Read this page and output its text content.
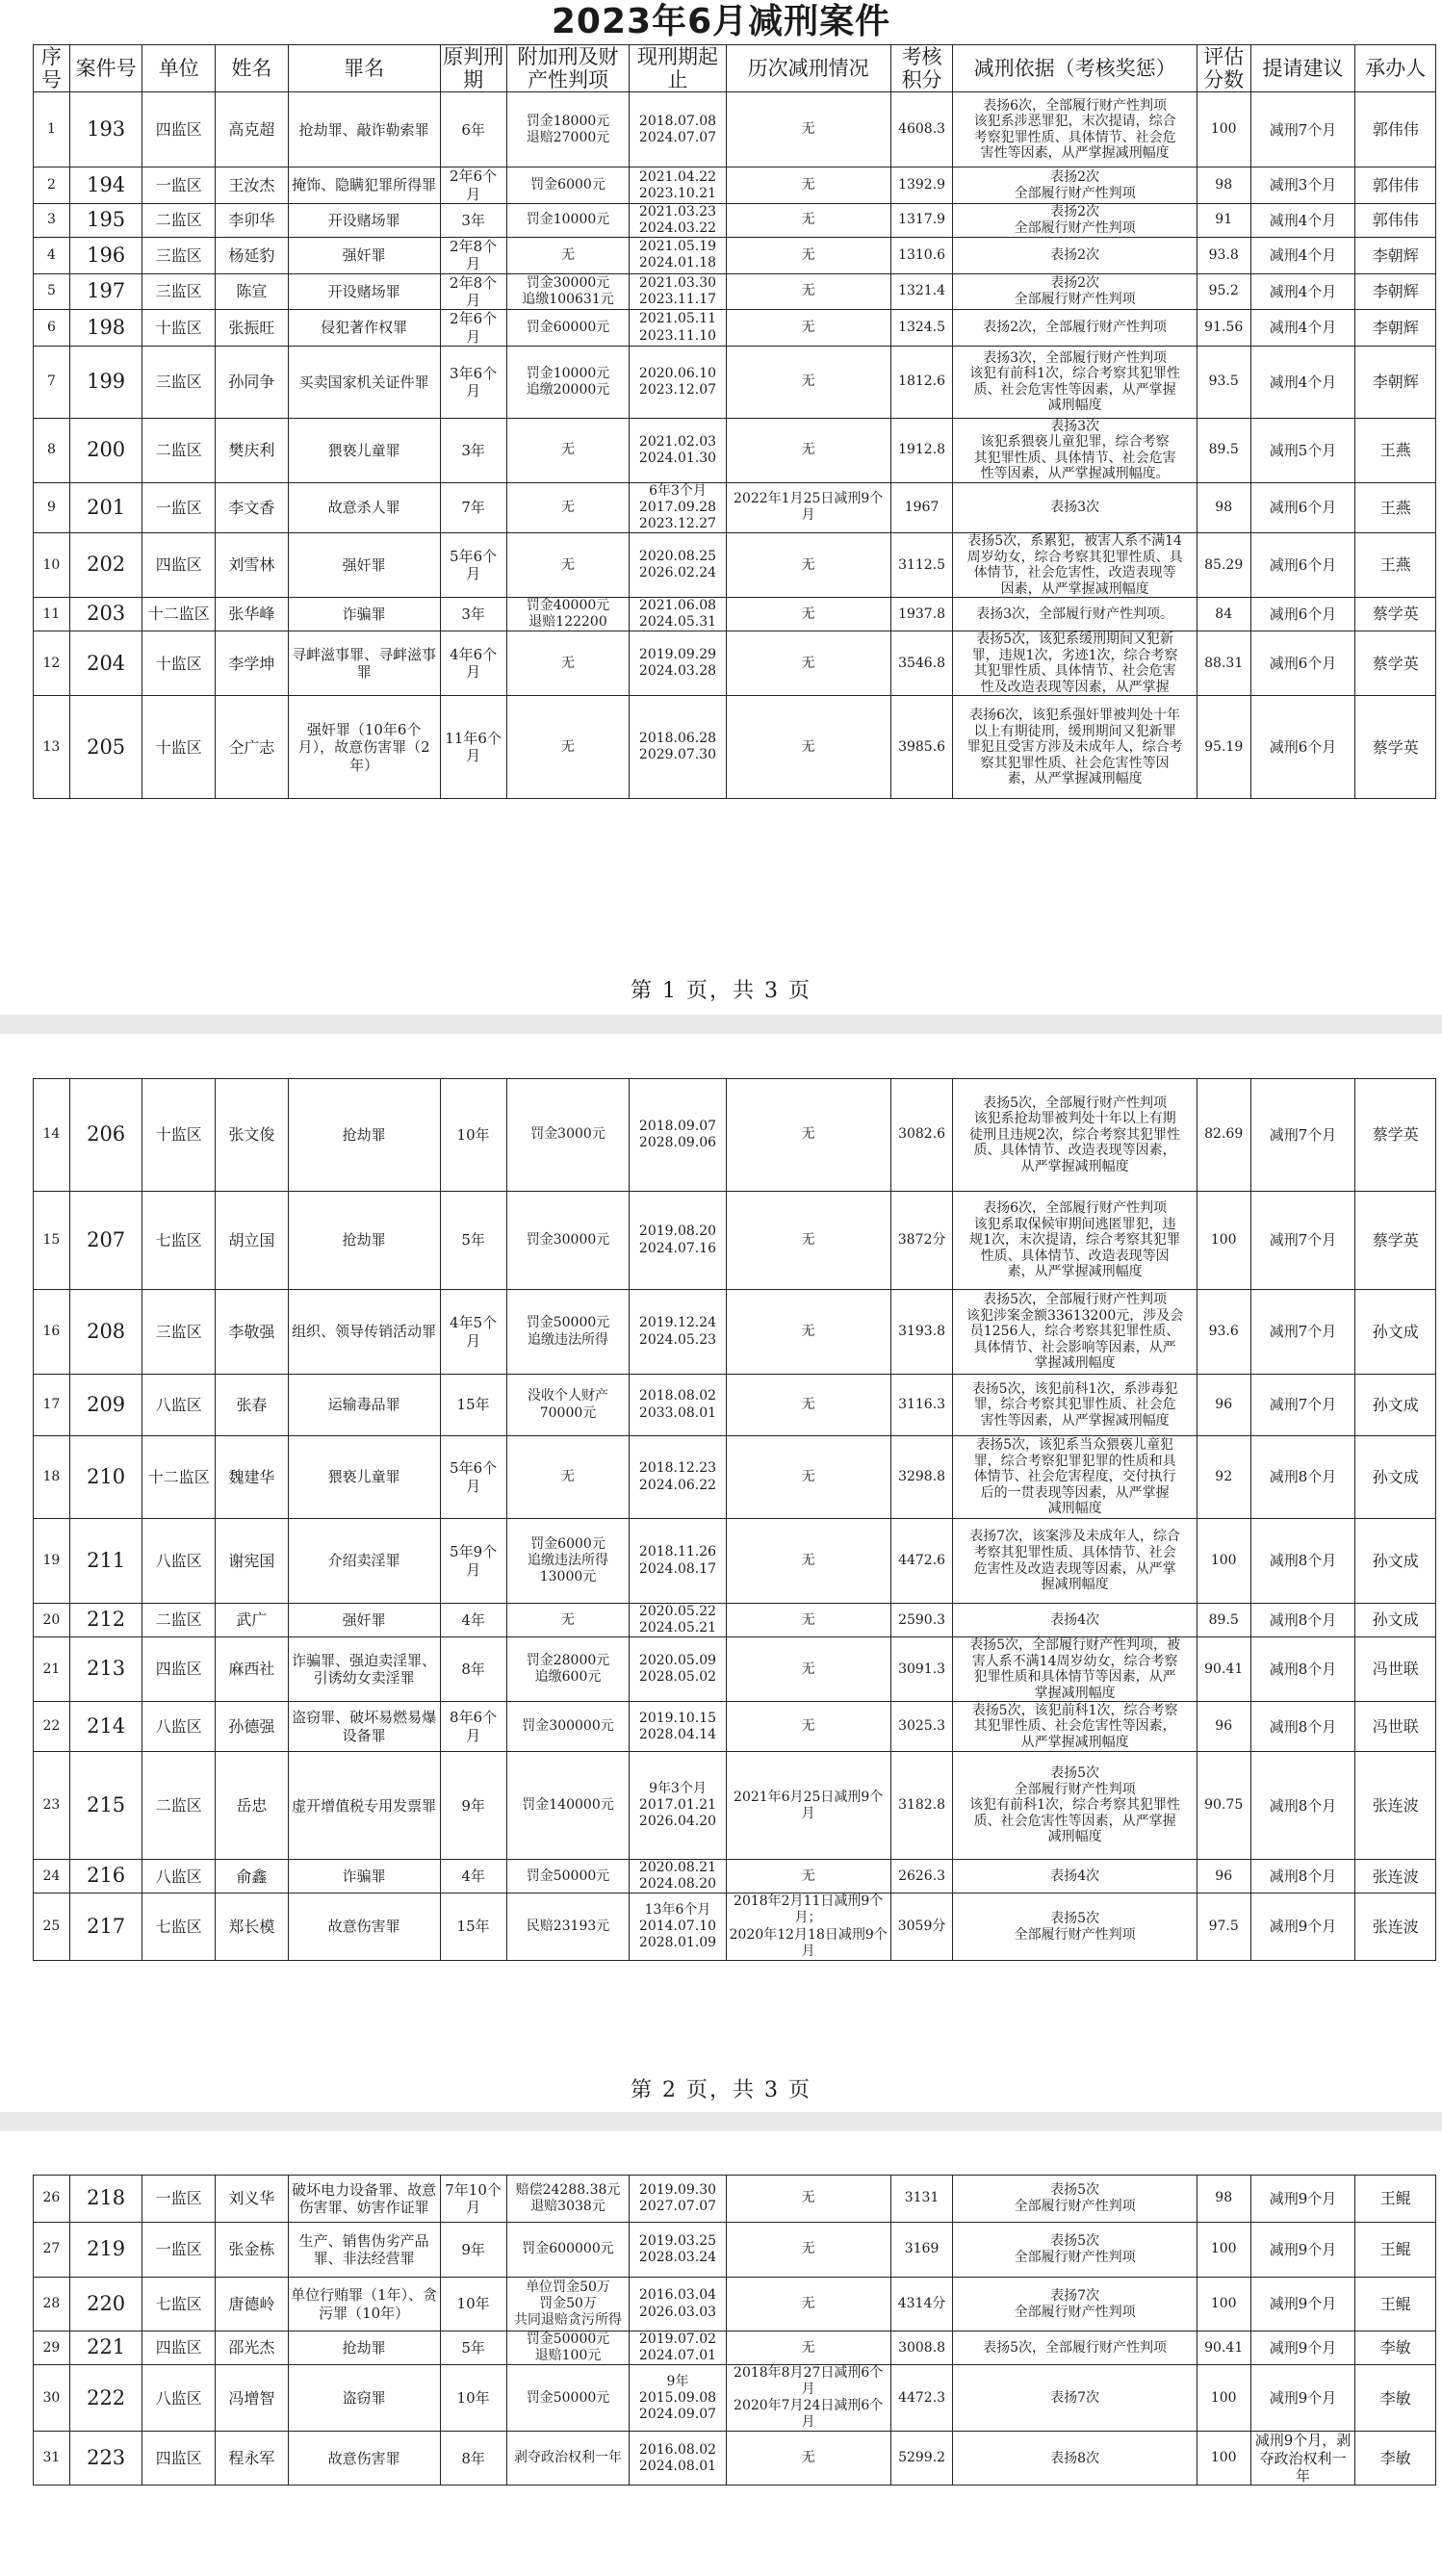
2023年6月减刑案件
序号	案件号	单位	姓名	罪名	原判刑期	附加刑及财产性判项	现刑期起止	历次减刑情况	考核积分	减刑依据（考核奖惩）	评估分数	提请建议	承办人
1	193	四监区	高克超	抢劫罪、敲诈勒索罪	6年	罚金18000元
退赔27000元	2018.07.08
2024.07.07	无	4608.3	表扬6次，全部履行财产性判项
该犯系涉恶罪犯，末次提请，综合
考察犯罪性质、具体情节、社会危
害性等因素，从严掌握减刑幅度	100	减刑7个月	郭伟伟
2	194	一监区	王汝杰	掩饰、隐瞒犯罪所得罪	2年6个月	罚金6000元	2021.04.22
2023.10.21	无	1392.9	表扬2次
全部履行财产性判项	98	减刑3个月	郭伟伟
3	195	二监区	李卯华	开设赌场罪	3年	罚金10000元	2021.03.23
2024.03.22	无	1317.9	表扬2次
全部履行财产性判项	91	减刑4个月	郭伟伟
4	196	三监区	杨延豹	强奸罪	2年8个月	无	2021.05.19
2024.01.18	无	1310.6	表扬2次	93.8	减刑4个月	李朝辉
5	197	三监区	陈宣	开设赌场罪	2年8个月	罚金30000元
追缴100631元	2021.03.30
2023.11.17	无	1321.4	表扬2次
全部履行财产性判项	95.2	减刑4个月	李朝辉
6	198	十监区	张振旺	侵犯著作权罪	2年6个月	罚金60000元	2021.05.11
2023.11.10	无	1324.5	表扬2次，全部履行财产性判项	91.56	减刑4个月	李朝辉
7	199	三监区	孙同争	买卖国家机关证件罪	3年6个月	罚金10000元
追缴20000元	2020.06.10
2023.12.07	无	1812.6	表扬3次，全部履行财产性判项
该犯有前科1次，综合考察其犯罪性
质、社会危害性等因素，从严掌握
减刑幅度	93.5	减刑4个月	李朝辉
8	200	二监区	樊庆利	猥亵儿童罪	3年	无	2021.02.03
2024.01.30	无	1912.8	表扬3次
该犯系猥亵儿童犯罪，综合考察
其犯罪性质、具体情节、社会危害
性等因素，从严掌握减刑幅度。	89.5	减刑5个月	王燕
9	201	一监区	李文香	故意杀人罪	7年	无	6年3个月
2017.09.28
2023.12.27	2022年1月25日减刑9个月	1967	表扬3次	98	减刑6个月	王燕
10	202	四监区	刘雪林	强奸罪	5年6个月	无	2020.08.25
2026.02.24	无	3112.5	表扬5次，系累犯，被害人系不满14
周岁幼女，综合考察其犯罪性质、具
体情节，社会危害性，改造表现等
因素，从严掌握减刑幅度	85.29	减刑6个月	王燕
11	203	十二监区	张华峰	诈骗罪	3年	罚金40000元
退赔122200	2021.06.08
2024.05.31	无	1937.8	表扬3次，全部履行财产性判项。	84	减刑6个月	蔡学英
12	204	十监区	李学坤	寻衅滋事罪、寻衅滋事罪	4年6个月	无	2019.09.29
2024.03.28	无	3546.8	表扬5次，该犯系缓刑期间又犯新
罪，违规1次，劣迹1次，综合考察
其犯罪性质、具体情节、社会危害
性及改造表现等因素，从严掌握	88.31	减刑6个月	蔡学英
13	205	十监区	仝广志	强奸罪（10年6个月），故意伤害罪（2年）	11年6个月	无	2018.06.28
2029.07.30	无	3985.6	表扬6次，该犯系强奸罪被判处十年
以上有期徒刑，缓刑期间又犯新罪
罪犯且受害方涉及未成年人，综合考
察其犯罪性质、社会危害性等因
素，从严掌握减刑幅度	95.19	减刑6个月	蔡学英
第 1 页，共 3 页
14	206	十监区	张文俊	抢劫罪	10年	罚金3000元	2018.09.07
2028.09.06	无	3082.6	表扬5次，全部履行财产性判项
该犯系抢劫罪被判处十年以上有期
徒刑且违规2次，综合考察其犯罪性
质、具体情节、改造表现等因素，
从严掌握减刑幅度	82.69	减刑7个月	蔡学英
15	207	七监区	胡立国	抢劫罪	5年	罚金30000元	2019.08.20
2024.07.16	无	3872分	表扬6次，全部履行财产性判项
该犯系取保候审期间逃匿罪犯，违
规1次，末次提请，综合考察其犯罪
性质、具体情节、改造表现等因
素，从严掌握减刑幅度	100	减刑7个月	蔡学英
16	208	三监区	李敬强	组织、领导传销活动罪	4年5个月	罚金50000元
追缴违法所得	2019.12.24
2024.05.23	无	3193.8	表扬5次，全部履行财产性判项
该犯涉案金额33613200元，涉及会
员1256人，综合考察其犯罪性质、
具体情节、社会影响等因素，从严
掌握减刑幅度	93.6	减刑7个月	孙文成
17	209	八监区	张春	运输毒品罪	15年	没收个人财产
70000元	2018.08.02
2033.08.01	无	3116.3	表扬5次，该犯前科1次，系涉毒犯
罪，综合考察其犯罪性质、社会危
害性等因素，从严掌握减刑幅度	96	减刑7个月	孙文成
18	210	十二监区	魏建华	猥亵儿童罪	5年6个月	无	2018.12.23
2024.06.22	无	3298.8	表扬5次，该犯系当众猥亵儿童犯
罪，综合考察犯罪犯罪的性质和具
体情节、社会危害程度，交付执行
后的一贯表现等因素，从严掌握
减刑幅度	92	减刑8个月	孙文成
19	211	八监区	谢宪国	介绍卖淫罪	5年9个月	罚金6000元
追缴违法所得
13000元	2018.11.26
2024.08.17	无	4472.6	表扬7次，该案涉及未成年人，综合
考察其犯罪性质、具体情节、社会
危害性及改造表现等因素，从严掌
握减刑幅度	100	减刑8个月	孙文成
20	212	二监区	武广	强奸罪	4年	无	2020.05.22
2024.05.21	无	2590.3	表扬4次	89.5	减刑8个月	孙文成
21	213	四监区	麻西社	诈骗罪、强迫卖淫罪、引诱幼女卖淫罪	8年	罚金28000元
追缴600元	2020.05.09
2028.05.02	无	3091.3	表扬5次，全部履行财产性判项，被
害人系不满14周岁幼女，综合考察
犯罪性质和具体情节等因素，从严
掌握减刑幅度	90.41	减刑8个月	冯世联
22	214	八监区	孙德强	盗窃罪、破坏易燃易爆设备罪	8年6个月	罚金300000元	2019.10.15
2028.04.14	无	3025.3	表扬5次，该犯前科1次，综合考察
其犯罪性质、社会危害性等因素，
从严掌握减刑幅度	96	减刑8个月	冯世联
23	215	二监区	岳忠	虚开增值税专用发票罪	9年	罚金140000元	9年3个月
2017.01.21
2026.04.20	2021年6月25日减刑9个月	3182.8	表扬5次
全部履行财产性判项
该犯有前科1次，综合考察其犯罪性
质、社会危害性等因素，从严掌握
减刑幅度	90.75	减刑8个月	张连波
24	216	八监区	俞鑫	诈骗罪	4年	罚金50000元	2020.08.21
2024.08.20	无	2626.3	表扬4次	96	减刑8个月	张连波
25	217	七监区	郑长模	故意伤害罪	15年	民赔23193元	13年6个月
2014.07.10
2028.01.09	2018年2月11日减刑9个月；
2020年12月18日减刑9个月	3059分	表扬5次
全部履行财产性判项	97.5	减刑9个月	张连波
第 2 页，共 3 页
26	218	一监区	刘义华	破坏电力设备罪、故意伤害罪、妨害作证罪	7年10个月	赔偿24288.38元
退赔3038元	2019.09.30
2027.07.07	无	3131	表扬5次
全部履行财产性判项	98	减刑9个月	王鲲
27	219	一监区	张金栋	生产、销售伪劣产品罪、非法经营罪	9年	罚金600000元	2019.03.25
2028.03.24	无	3169	表扬5次
全部履行财产性判项	100	减刑9个月	王鲲
28	220	七监区	唐德岭	单位行贿罪（1年）、贪污罪（10年）	10年	单位罚金50万
罚金50万
共同退赔贪污所得	2016.03.04
2026.03.03	无	4314分	表扬7次
全部履行财产性判项	100	减刑9个月	王鲲
29	221	四监区	邵光杰	抢劫罪	5年	罚金50000元
退赔100元	2019.07.02
2024.07.01	无	3008.8	表扬5次，全部履行财产性判项	90.41	减刑9个月	李敏
30	222	八监区	冯增智	盗窃罪	10年	罚金50000元	9年
2015.09.08
2024.09.07	2018年8月27日减刑6个月
2020年7月24日减刑6个月	4472.3	表扬7次	100	减刑9个月	李敏
31	223	四监区	程永军	故意伤害罪	8年	剥夺政治权利一年	2016.08.02
2024.08.01	无	5299.2	表扬8次	100	减刑9个月，剥夺政治权利一年	李敏
